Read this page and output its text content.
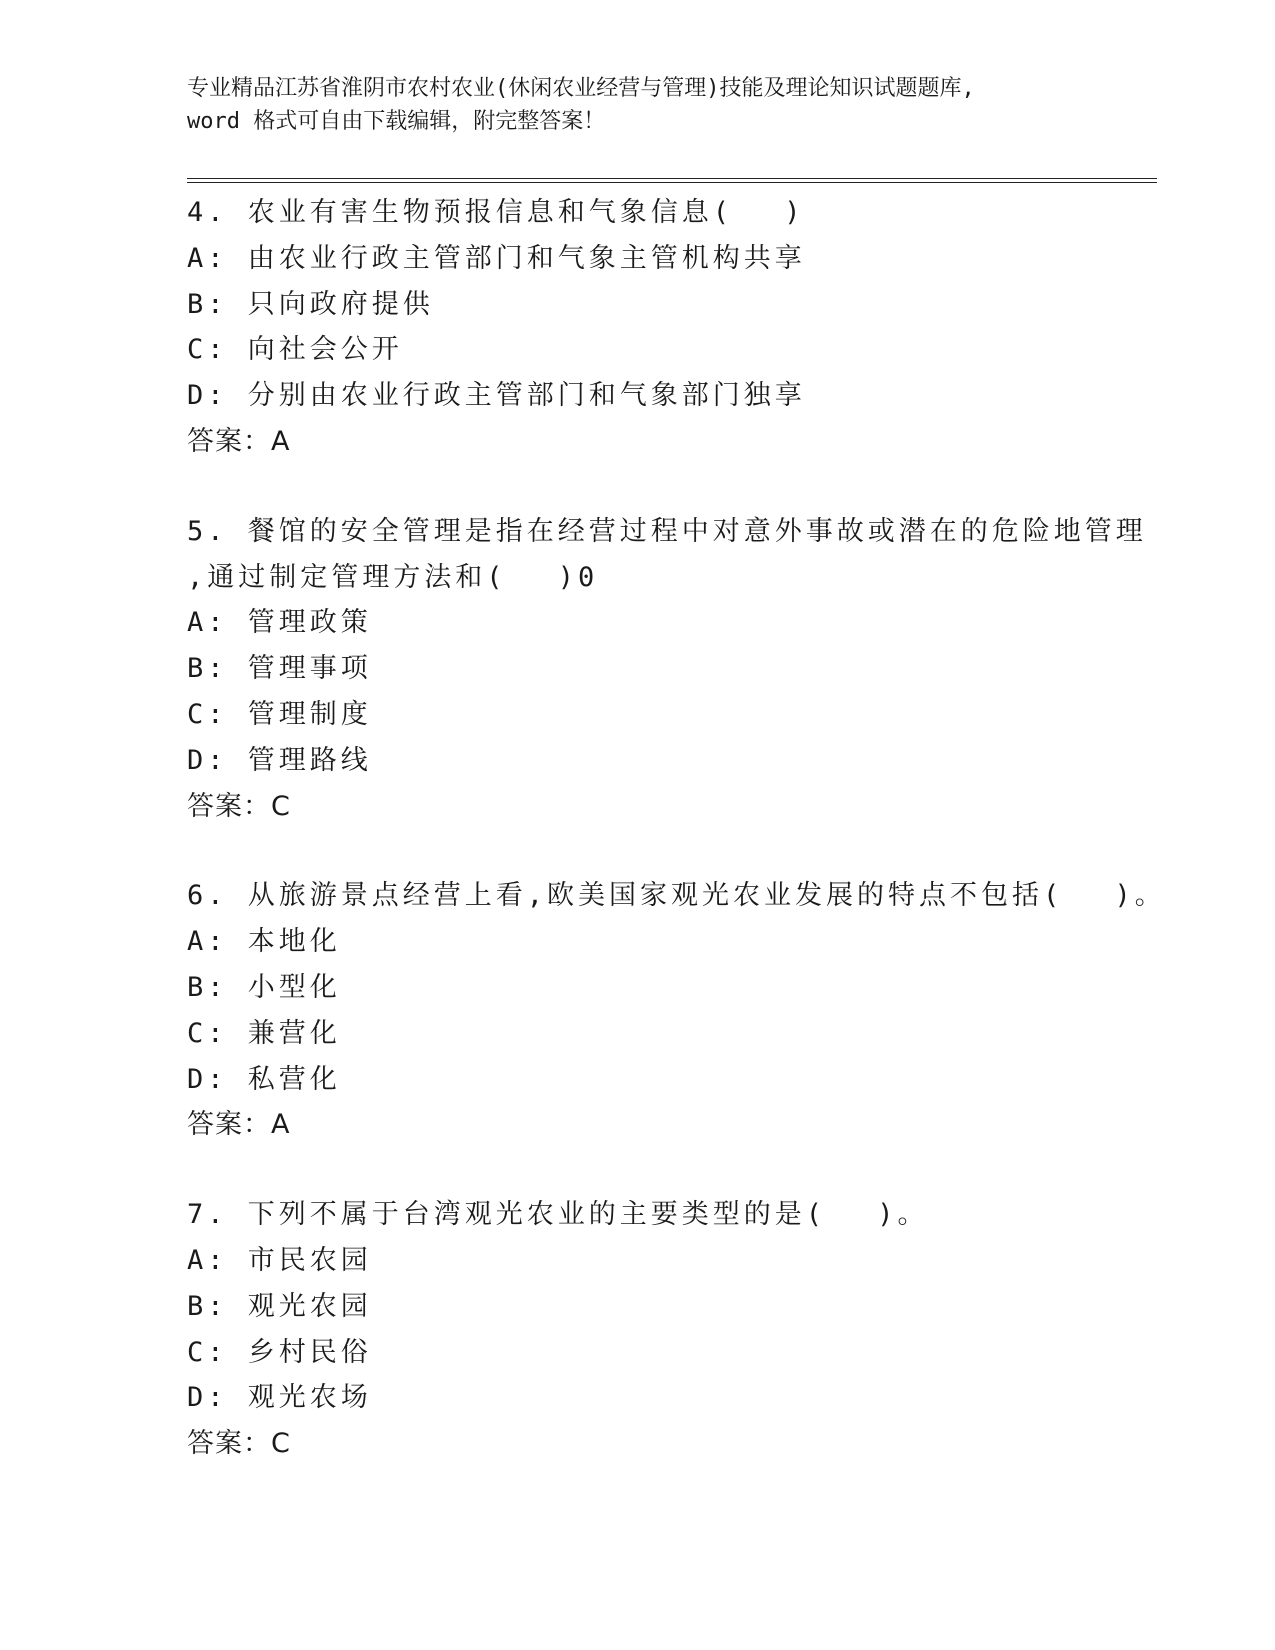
专业精品江苏省淮阴市农村农业(休闲农业经营与管理)技能及理论知识试题题库,
word 格式可自由下载编辑，附完整答案！
4. 农业有害生物预报信息和气象信息(　 )
A: 由农业行政主管部门和气象主管机构共享
B: 只向政府提供
C: 向社会公开
D: 分别由农业行政主管部门和气象部门独享
答案：A
5. 餐馆的安全管理是指在经营过程中对意外事故或潜在的危险地管理
,通过制定管理方法和(　 )0
A: 管理政策
B: 管理事项
C: 管理制度
D: 管理路线
答案：C
6. 从旅游景点经营上看,欧美国家观光农业发展的特点不包括(　 )。
A: 本地化
B: 小型化
C: 兼营化
D: 私营化
答案：A
7. 下列不属于台湾观光农业的主要类型的是(　 )。
A: 市民农园
B: 观光农园
C: 乡村民俗
D: 观光农场
答案：C
